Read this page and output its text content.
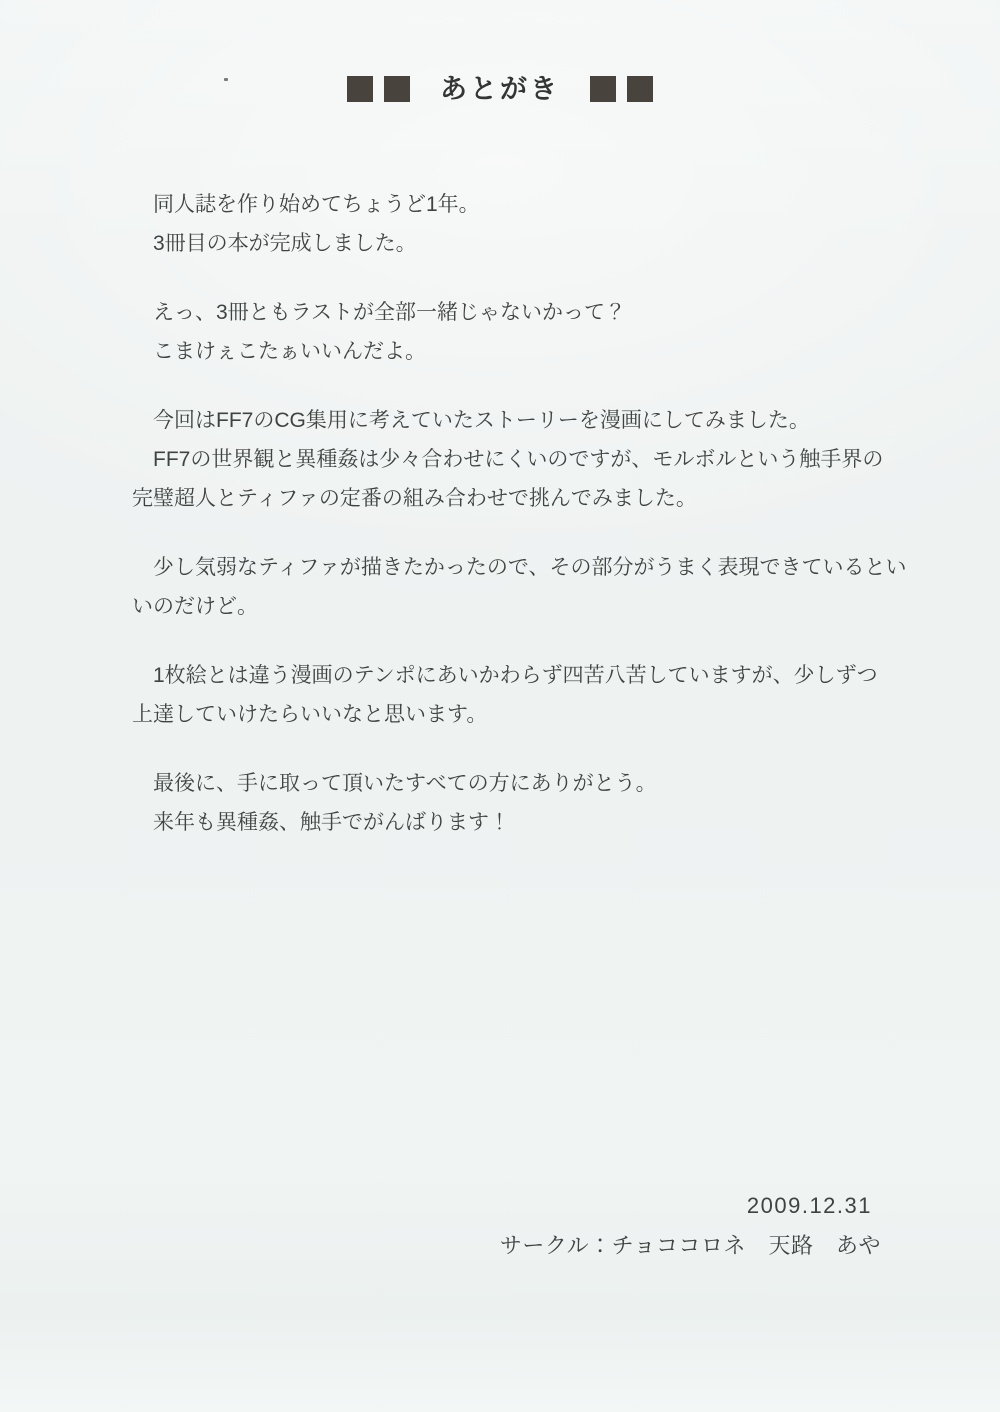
あとがき
　同人誌を作り始めてちょうど1年。
　3冊目の本が完成しました。
　えっ、3冊ともラストが全部一緒じゃないかって？
　こまけぇこたぁいいんだよ。
　今回はFF7のCG集用に考えていたストーリーを漫画にしてみました。
　FF7の世界観と異種姦は少々合わせにくいのですが、モルボルという触手界の
完璧超人とティファの定番の組み合わせで挑んでみました。
　少し気弱なティファが描きたかったので、その部分がうまく表現できているとい
いのだけど。
　1枚絵とは違う漫画のテンポにあいかわらず四苦八苦していますが、少しずつ
上達していけたらいいなと思います。
　最後に、手に取って頂いたすべての方にありがとう。
　来年も異種姦、触手でがんばります！
2009.12.31
サークル：チョココロネ　天路　あや
